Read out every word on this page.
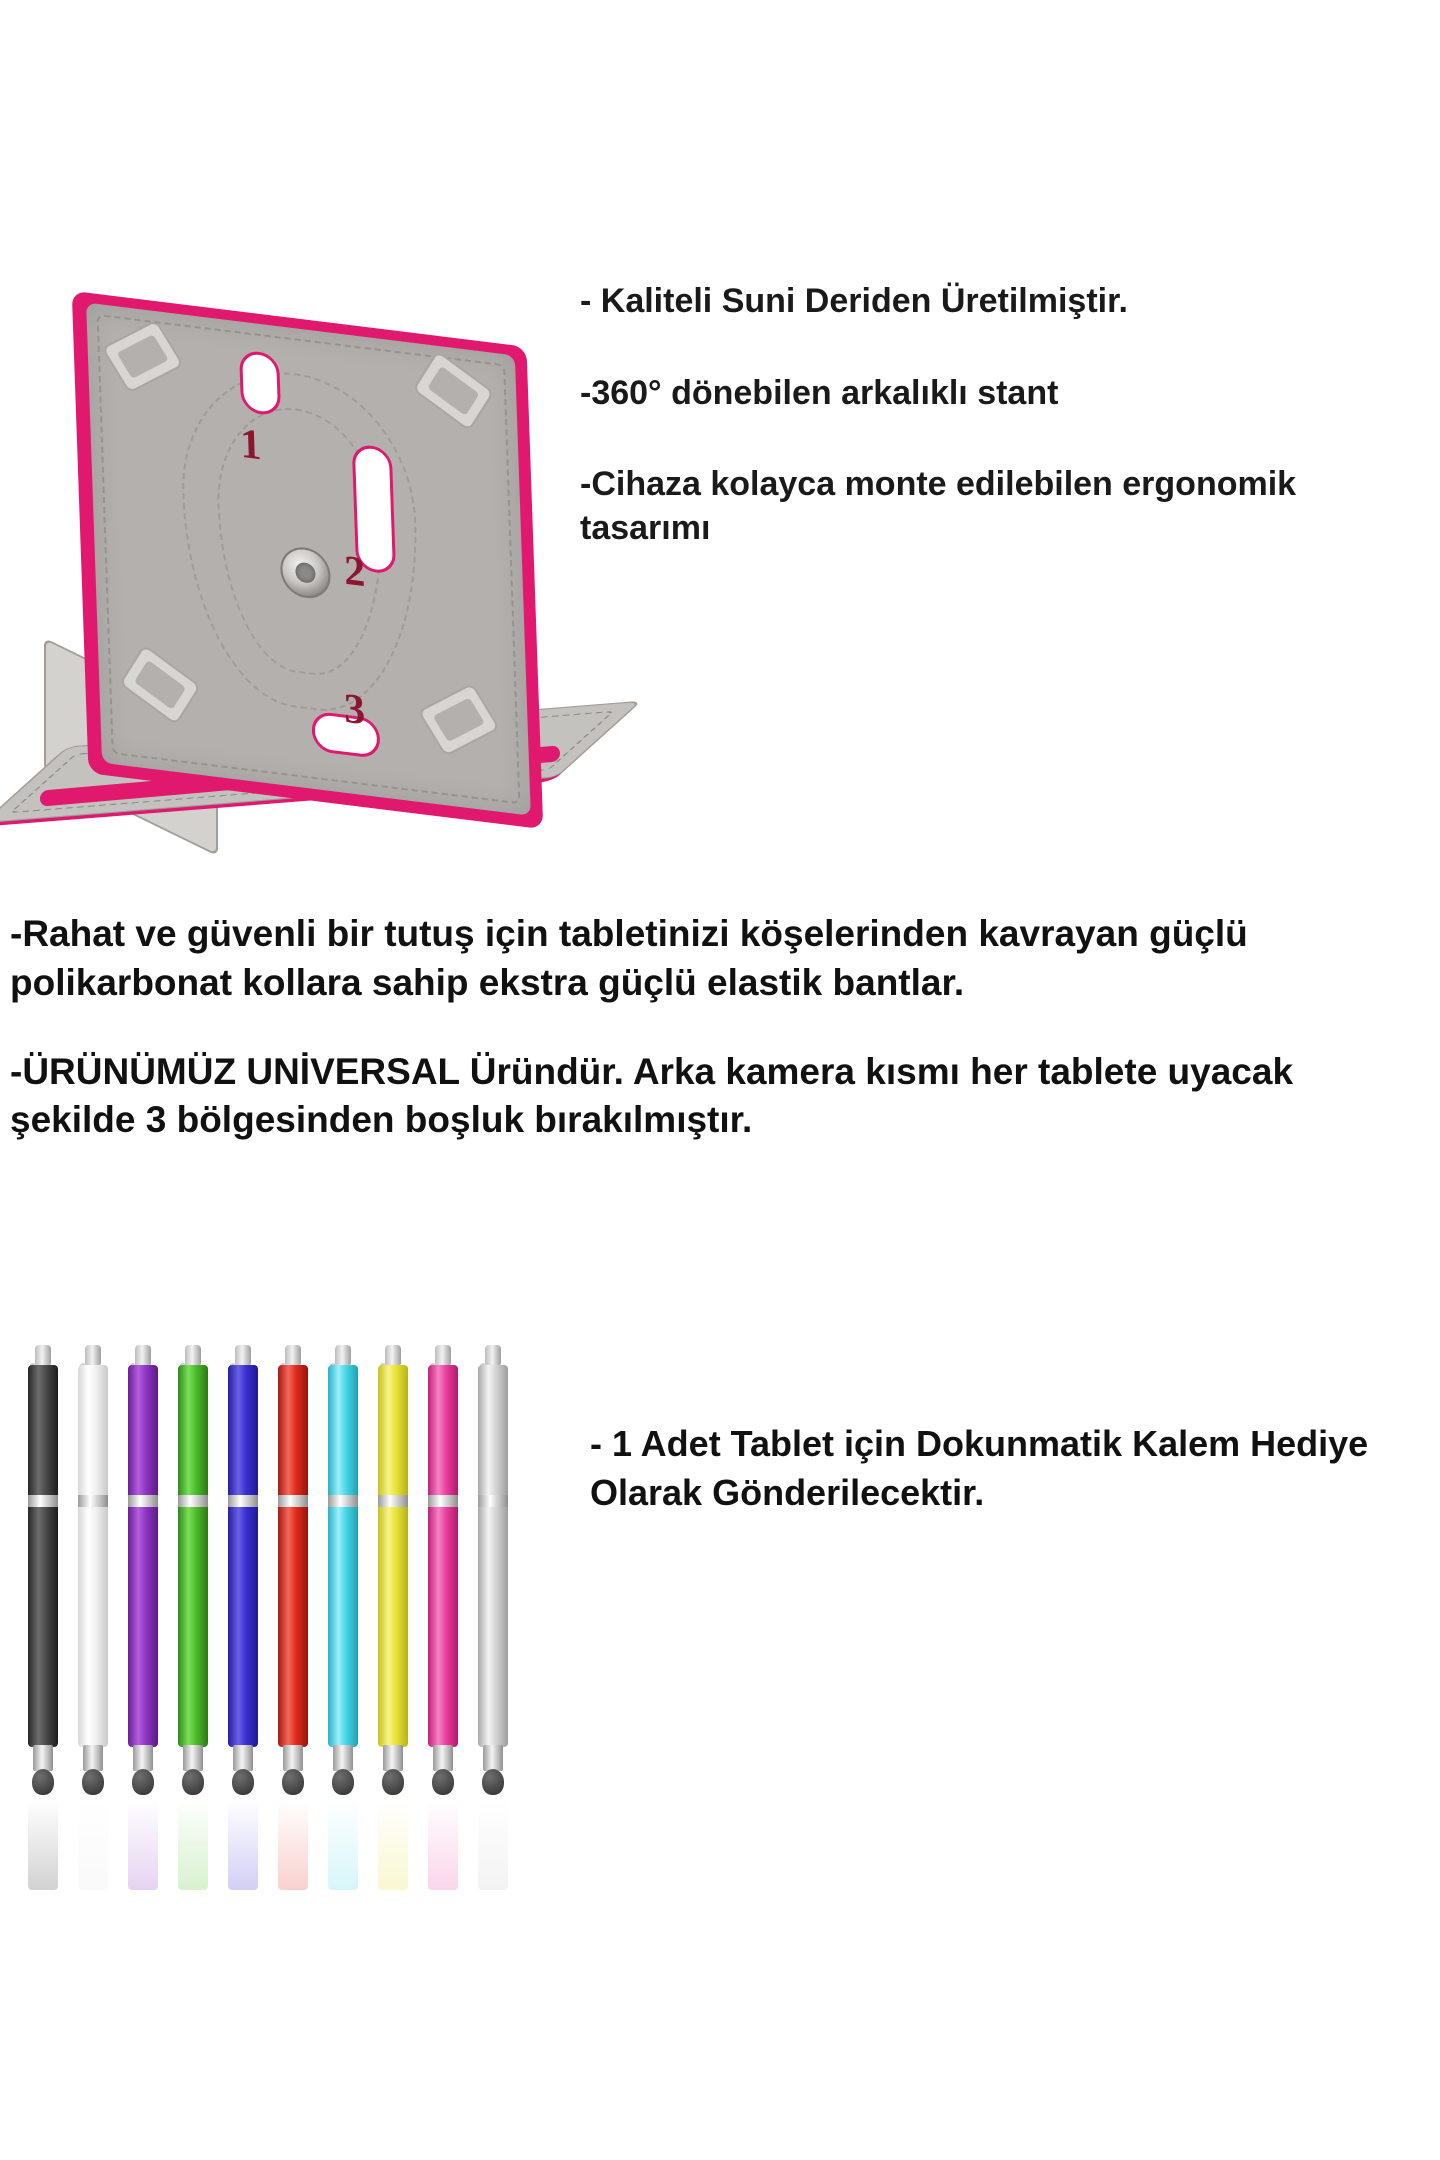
1
2
3

- Kaliteli Suni Deriden Üretilmiştir.

-360° dönebilen arkalıklı stant

-Cihaza kolayca monte edilebilen ergonomik tasarımı

-Rahat ve güvenli bir tutuş için tabletinizi köşelerinden kavrayan güçlü polikarbonat kollara sahip ekstra güçlü elastik bantlar.

-ÜRÜNÜMÜZ UNİVERSAL Üründür. Arka kamera kısmı her tablete uyacak şekilde 3 bölgesinden boşluk bırakılmıştır.

- 1 Adet Tablet için Dokunmatik Kalem Hediye Olarak Gönderilecektir.
